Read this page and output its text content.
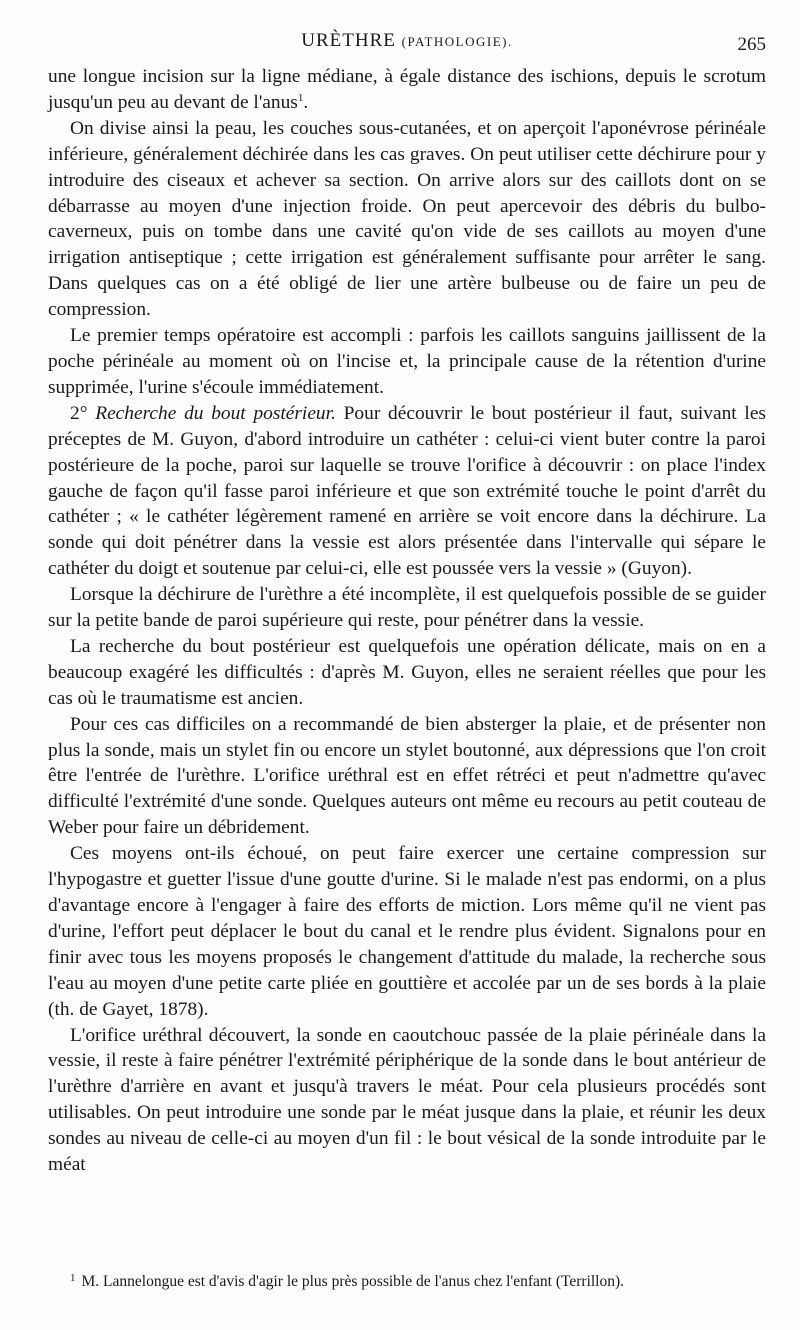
URÈTHRE (PATHOLOGIE).	265

une longue incision sur la ligne médiane, à égale distance des ischions, depuis le scrotum jusqu'un peu au devant de l'anus$^1$.

On divise ainsi la peau, les couches sous-cutanées, et on aperçoit l'aponévrose périnéale inférieure, généralement déchirée dans les cas graves. On peut utiliser cette déchirure pour y introduire des ciseaux et achever sa section. On arrive alors sur des caillots dont on se débarrasse au moyen d'une injection froide. On peut apercevoir des débris du bulbo-caverneux, puis on tombe dans une cavité qu'on vide de ses caillots au moyen d'une irrigation antiseptique ; cette irrigation est généralement suffisante pour arrêter le sang. Dans quelques cas on a été obligé de lier une artère bulbeuse ou de faire un peu de compression.

Le premier temps opératoire est accompli : parfois les caillots sanguins jaillissent de la poche périnéale au moment où on l'incise et, la principale cause de la rétention d'urine supprimée, l'urine s'écoule immédiatement.

2° Recherche du bout postérieur. Pour découvrir le bout postérieur il faut, suivant les préceptes de M. Guyon, d'abord introduire un cathéter : celui-ci vient buter contre la paroi postérieure de la poche, paroi sur laquelle se trouve l'orifice à découvrir : on place l'index gauche de façon qu'il fasse paroi inférieure et que son extrémité touche le point d'arrêt du cathéter ; « le cathéter légèrement ramené en arrière se voit encore dans la déchirure. La sonde qui doit pénétrer dans la vessie est alors présentée dans l'intervalle qui sépare le cathéter du doigt et soutenue par celui-ci, elle est poussée vers la vessie » (Guyon).

Lorsque la déchirure de l'urèthre a été incomplète, il est quelquefois possible de se guider sur la petite bande de paroi supérieure qui reste, pour pénétrer dans la vessie.

La recherche du bout postérieur est quelquefois une opération délicate, mais on en a beaucoup exagéré les difficultés : d'après M. Guyon, elles ne seraient réelles que pour les cas où le traumatisme est ancien.

Pour ces cas difficiles on a recommandé de bien absterger la plaie, et de présenter non plus la sonde, mais un stylet fin ou encore un stylet boutonné, aux dépressions que l'on croit être l'entrée de l'urèthre. L'orifice uréthral est en effet rétréci et peut n'admettre qu'avec difficulté l'extrémité d'une sonde. Quelques auteurs ont même eu recours au petit couteau de Weber pour faire un débridement.

Ces moyens ont-ils échoué, on peut faire exercer une certaine compression sur l'hypogastre et guetter l'issue d'une goutte d'urine. Si le malade n'est pas endormi, on a plus d'avantage encore à l'engager à faire des efforts de miction. Lors même qu'il ne vient pas d'urine, l'effort peut déplacer le bout du canal et le rendre plus évident. Signalons pour en finir avec tous les moyens proposés le changement d'attitude du malade, la recherche sous l'eau au moyen d'une petite carte pliée en gouttière et accolée par un de ses bords à la plaie (th. de Gayet, 1878).

L'orifice uréthral découvert, la sonde en caoutchouc passée de la plaie périnéale dans la vessie, il reste à faire pénétrer l'extrémité périphérique de la sonde dans le bout antérieur de l'urèthre d'arrière en avant et jusqu'à travers le méat. Pour cela plusieurs procédés sont utilisables. On peut introduire une sonde par le méat jusque dans la plaie, et réunir les deux sondes au niveau de celle-ci au moyen d'un fil : le bout vésical de la sonde introduite par le méat

$^1$ M. Lannelongue est d'avis d'agir le plus près possible de l'anus chez l'enfant (Terrillon).
